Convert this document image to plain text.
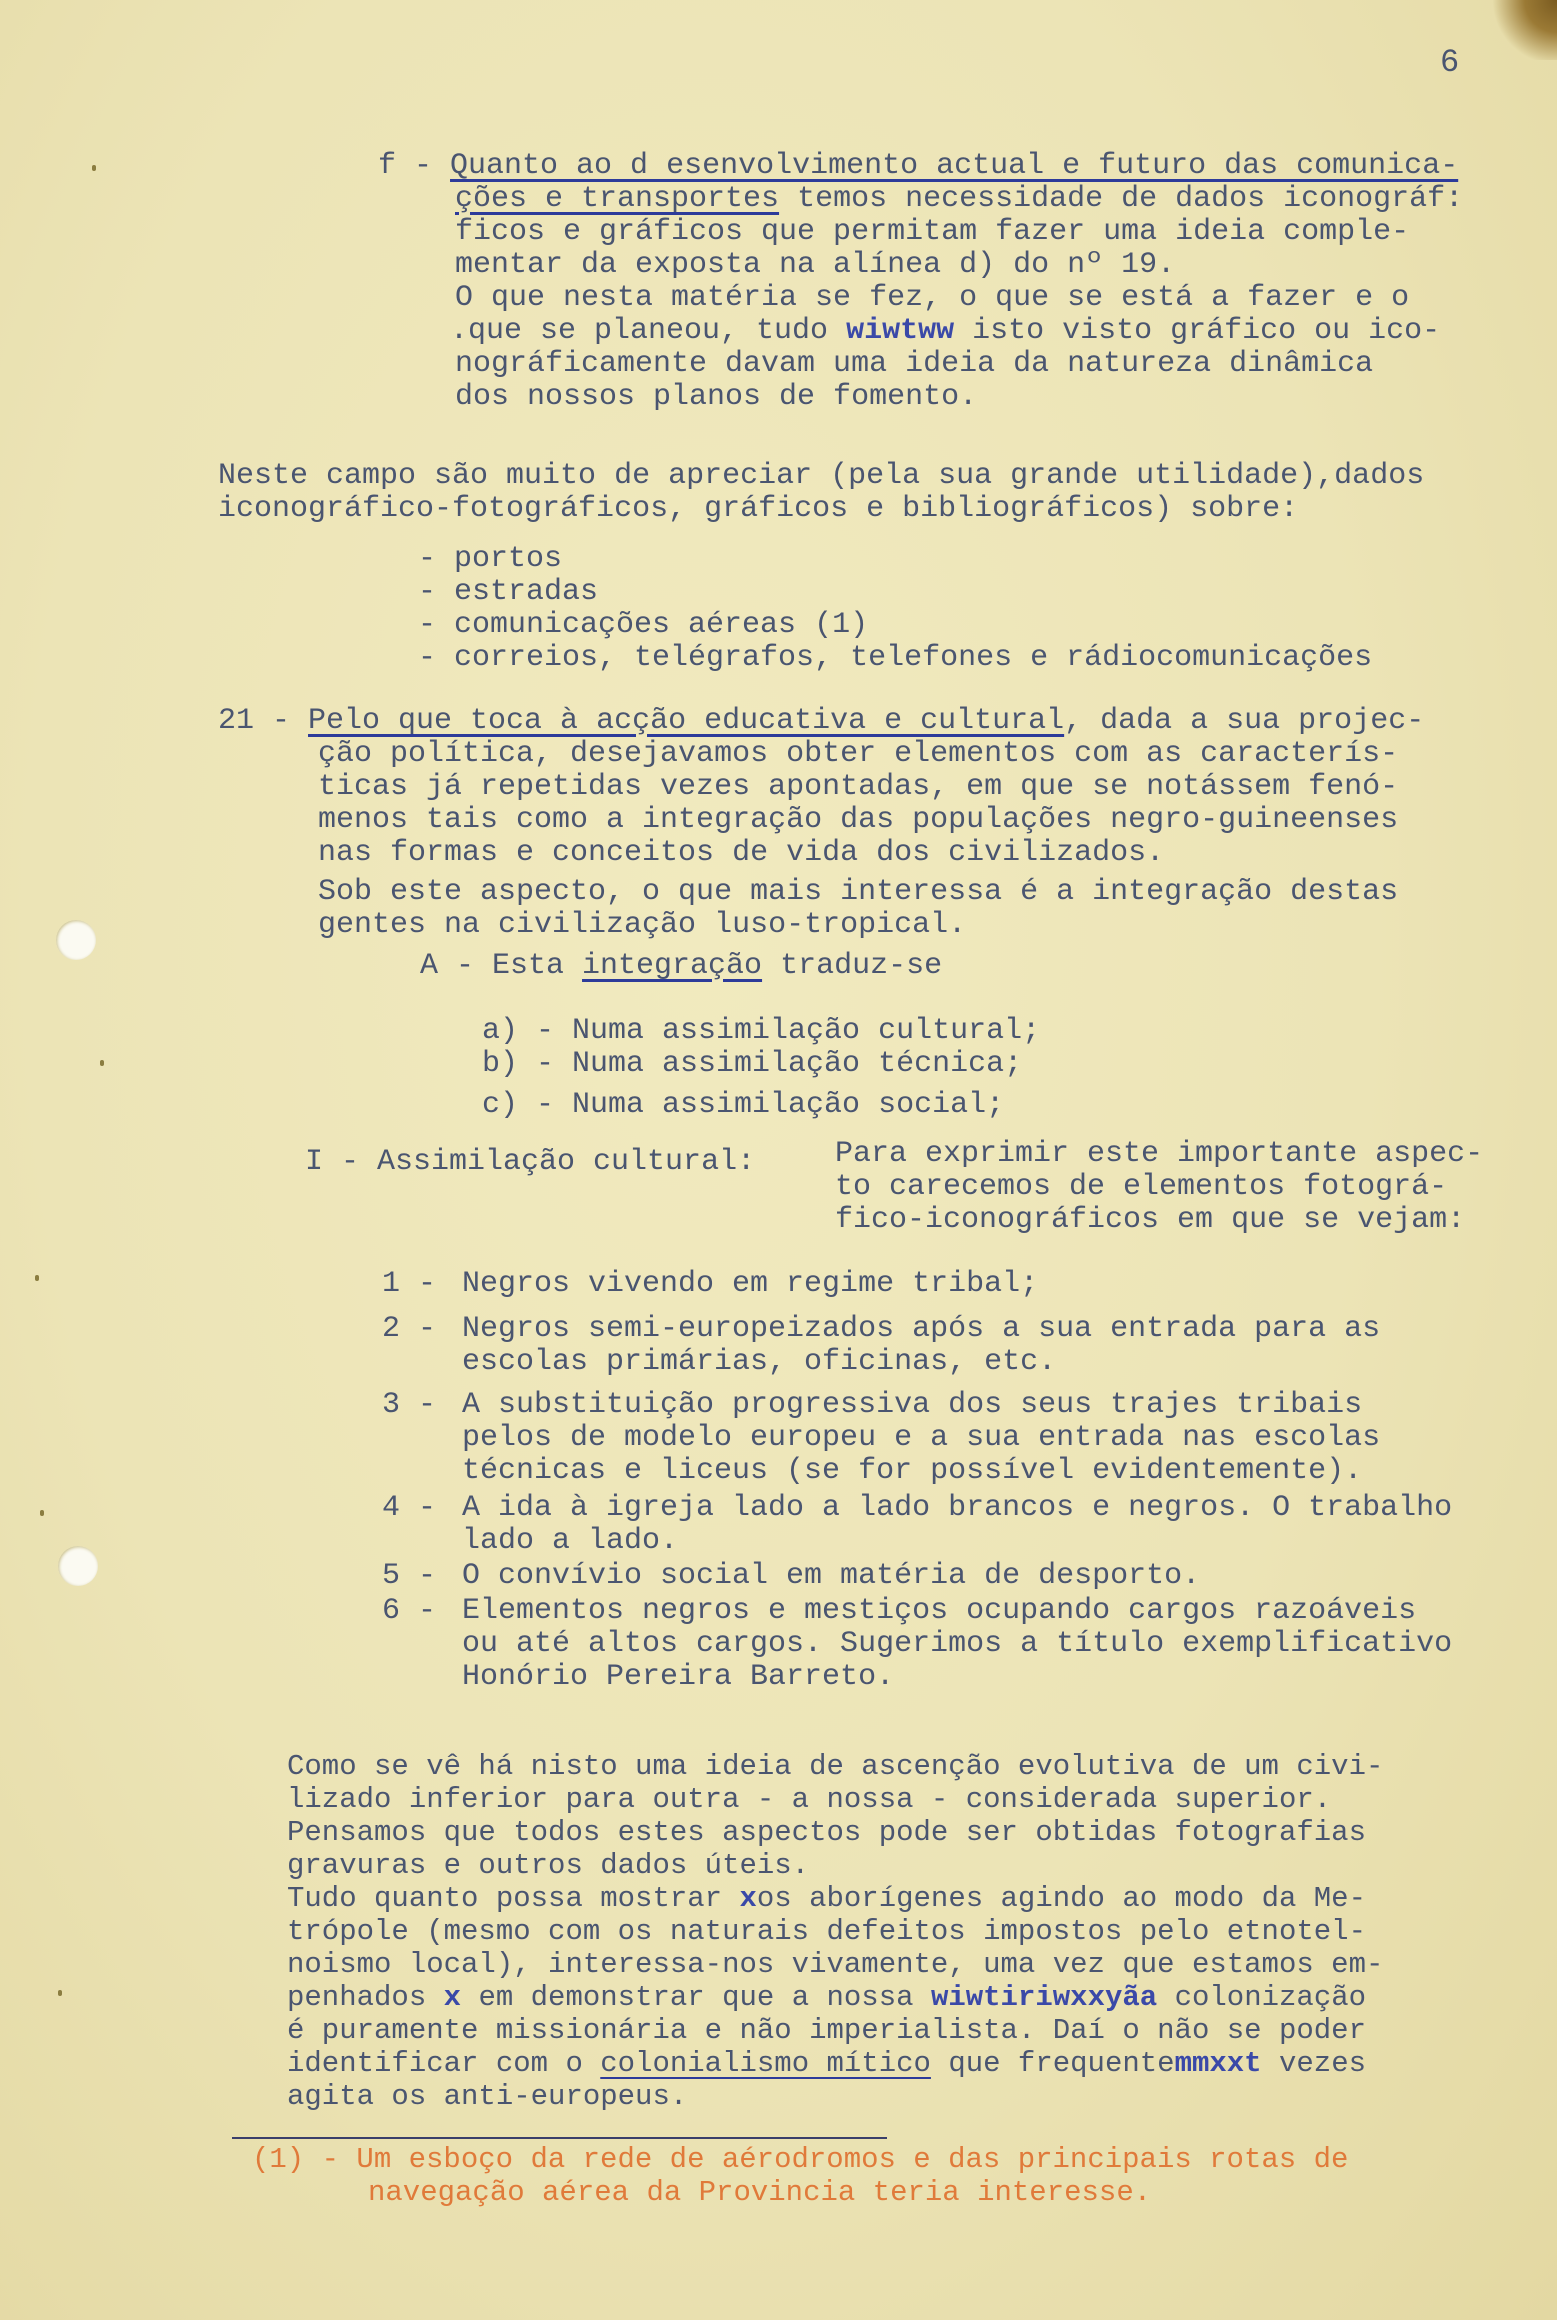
6
f - Quanto ao d esenvolvimento actual e futuro das comunica-
ções e transportes temos necessidade de dados iconográf:
ficos e gráficos que permitam fazer uma ideia comple-
mentar da exposta na alínea d) do nº 19.
O que nesta matéria se fez, o que se está a fazer e o
.que se planeou, tudo wiwtww isto visto gráfico ou ico-
nográficamente davam uma ideia da natureza dinâmica
dos nossos planos de fomento.
Neste campo são muito de apreciar (pela sua grande utilidade),dados
iconográfico-fotográficos, gráficos e bibliográficos) sobre:
- portos
- estradas
- comunicações aéreas (1)
- correios, telégrafos, telefones e rádiocomunicações
21 - Pelo que toca à acção educativa e cultural, dada a sua projec-
ção política, desejavamos obter elementos com as caracterís-
ticas já repetidas vezes apontadas, em que se notássem fenó-
menos tais como a integração das populações negro-guineenses
nas formas e conceitos de vida dos civilizados.
Sob este aspecto, o que mais interessa é a integração destas
gentes na civilização luso-tropical.
A - Esta integração traduz-se
a) - Numa assimilação cultural;
b) - Numa assimilação técnica;
c) - Numa assimilação social;
I - Assimilação cultural:	Para exprimir este importante aspec-
to carecemos de elementos fotográ-
fico-iconográficos em que se vejam:
1 - Negros vivendo em regime tribal;
2 - Negros semi-europeizados após a sua entrada para as
escolas primárias, oficinas, etc.
3 - A substituição progressiva dos seus trajes tribais
pelos de modelo europeu e a sua entrada nas escolas
técnicas e liceus (se for possível evidentemente).
4 - A ida à igreja lado a lado brancos e negros. O trabalho
lado a lado.
5 - O convívio social em matéria de desporto.
6 - Elementos negros e mestiços ocupando cargos razoáveis
ou até altos cargos. Sugerimos a título exemplificativo
Honório Pereira Barreto.
Como se vê há nisto uma ideia de ascenção evolutiva de um civi-
lizado inferior para outra - a nossa - considerada superior.
Pensamos que todos estes aspectos pode ser obtidas fotografias
gravuras e outros dados úteis.
Tudo quanto possa mostrar xos aborígenes agindo ao modo da Me-
trópole (mesmo com os naturais defeitos impostos pelo etnotel-
noismo local), interessa-nos vivamente, uma vez que estamos em-
penhados x em demonstrar que a nossa wiwtiriwxxyãa colonização
é puramente missionária e não imperialista. Daí o não se poder
identificar com o colonialismo mítico que frequentemmxxt vezes
agita os anti-europeus.
(1) - Um esboço da rede de aérodromos e das principais rotas de
navegação aérea da Provincia teria interesse.
